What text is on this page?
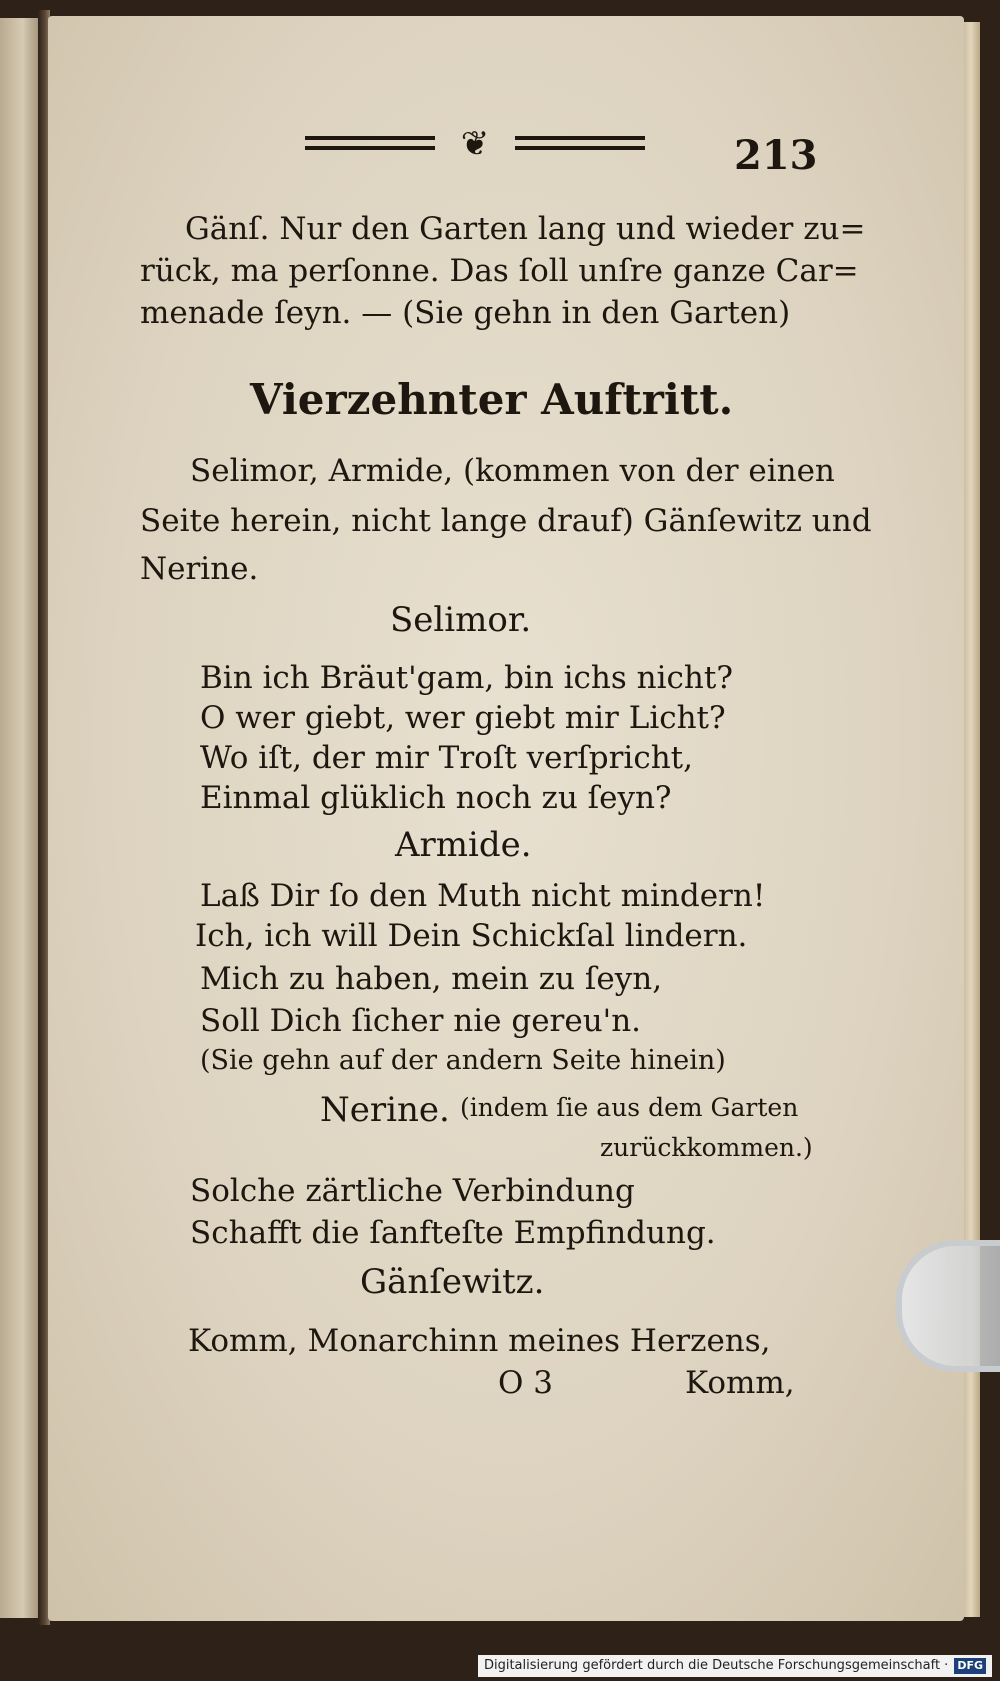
❦	213
Gänſ. Nur den Garten lang und wieder zu=
rück, ma perſonne. Das ſoll unſre ganze Car=
menade ſeyn. — (Sie gehn in den Garten)
Vierzehnter Auftritt.
Selimor, Armide, (kommen von der einen
Seite herein, nicht lange drauf) Gänſewitz und
Nerine.
Selimor.
Bin ich Bräut'gam, bin ichs nicht?
O wer giebt, wer giebt mir Licht?
Wo iſt, der mir Troſt verſpricht,
Einmal glüklich noch zu ſeyn?
Armide.
Laß Dir ſo den Muth nicht mindern!
Ich, ich will Dein Schickſal lindern.
Mich zu haben, mein zu ſeyn,
Soll Dich ſicher nie gereu'n.
(Sie gehn auf der andern Seite hinein)
Nerine. (indem ſie aus dem Garten
zurückkommen.)
Solche zärtliche Verbindung
Schafft die ſanfteſte Empfindung.
Gänſewitz.
Komm, Monarchinn meines Herzens,
O 3	Komm,
Digitalisierung gefördert durch die Deutsche Forschungsgemeinschaft · DFG
